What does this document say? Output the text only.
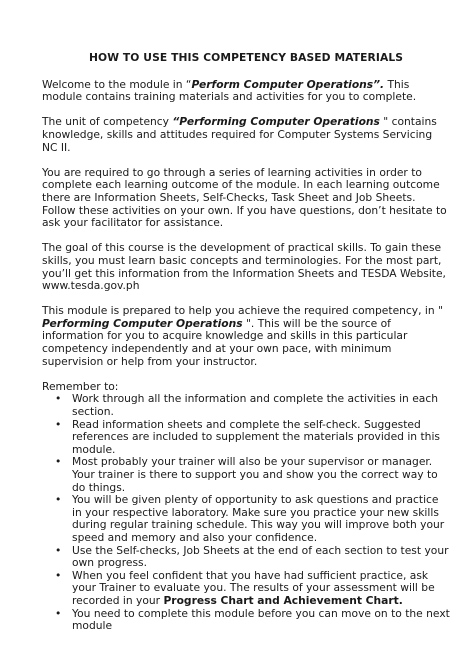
HOW TO USE THIS COMPETENCY BASED MATERIALS

Welcome to the module in “Perform Computer Operations”. This module contains training materials and activities for you to complete.

The unit of competency “Performing Computer Operations " contains knowledge, skills and attitudes required for Computer Systems Servicing NC II.

You are required to go through a series of learning activities in order to complete each learning outcome of the module. In each learning outcome there are Information Sheets, Self-Checks, Task Sheet and Job Sheets. Follow these activities on your own. If you have questions, don’t hesitate to ask your facilitator for assistance.

The goal of this course is the development of practical skills. To gain these skills, you must learn basic concepts and terminologies. For the most part, you’ll get this information from the Information Sheets and TESDA Website, www.tesda.gov.ph

This module is prepared to help you achieve the required competency, in " Performing Computer Operations ". This will be the source of information for you to acquire knowledge and skills in this particular competency independently and at your own pace, with minimum supervision or help from your instructor.

Remember to:
• Work through all the information and complete the activities in each section.
• Read information sheets and complete the self-check. Suggested references are included to supplement the materials provided in this module.
• Most probably your trainer will also be your supervisor or manager. Your trainer is there to support you and show you the correct way to do things.
• You will be given plenty of opportunity to ask questions and practice in your respective laboratory. Make sure you practice your new skills during regular training schedule. This way you will improve both your speed and memory and also your confidence.
• Use the Self-checks, Job Sheets at the end of each section to test your own progress.
• When you feel confident that you have had sufficient practice, ask your Trainer to evaluate you. The results of your assessment will be recorded in your Progress Chart and Achievement Chart.
• You need to complete this module before you can move on to the next module
